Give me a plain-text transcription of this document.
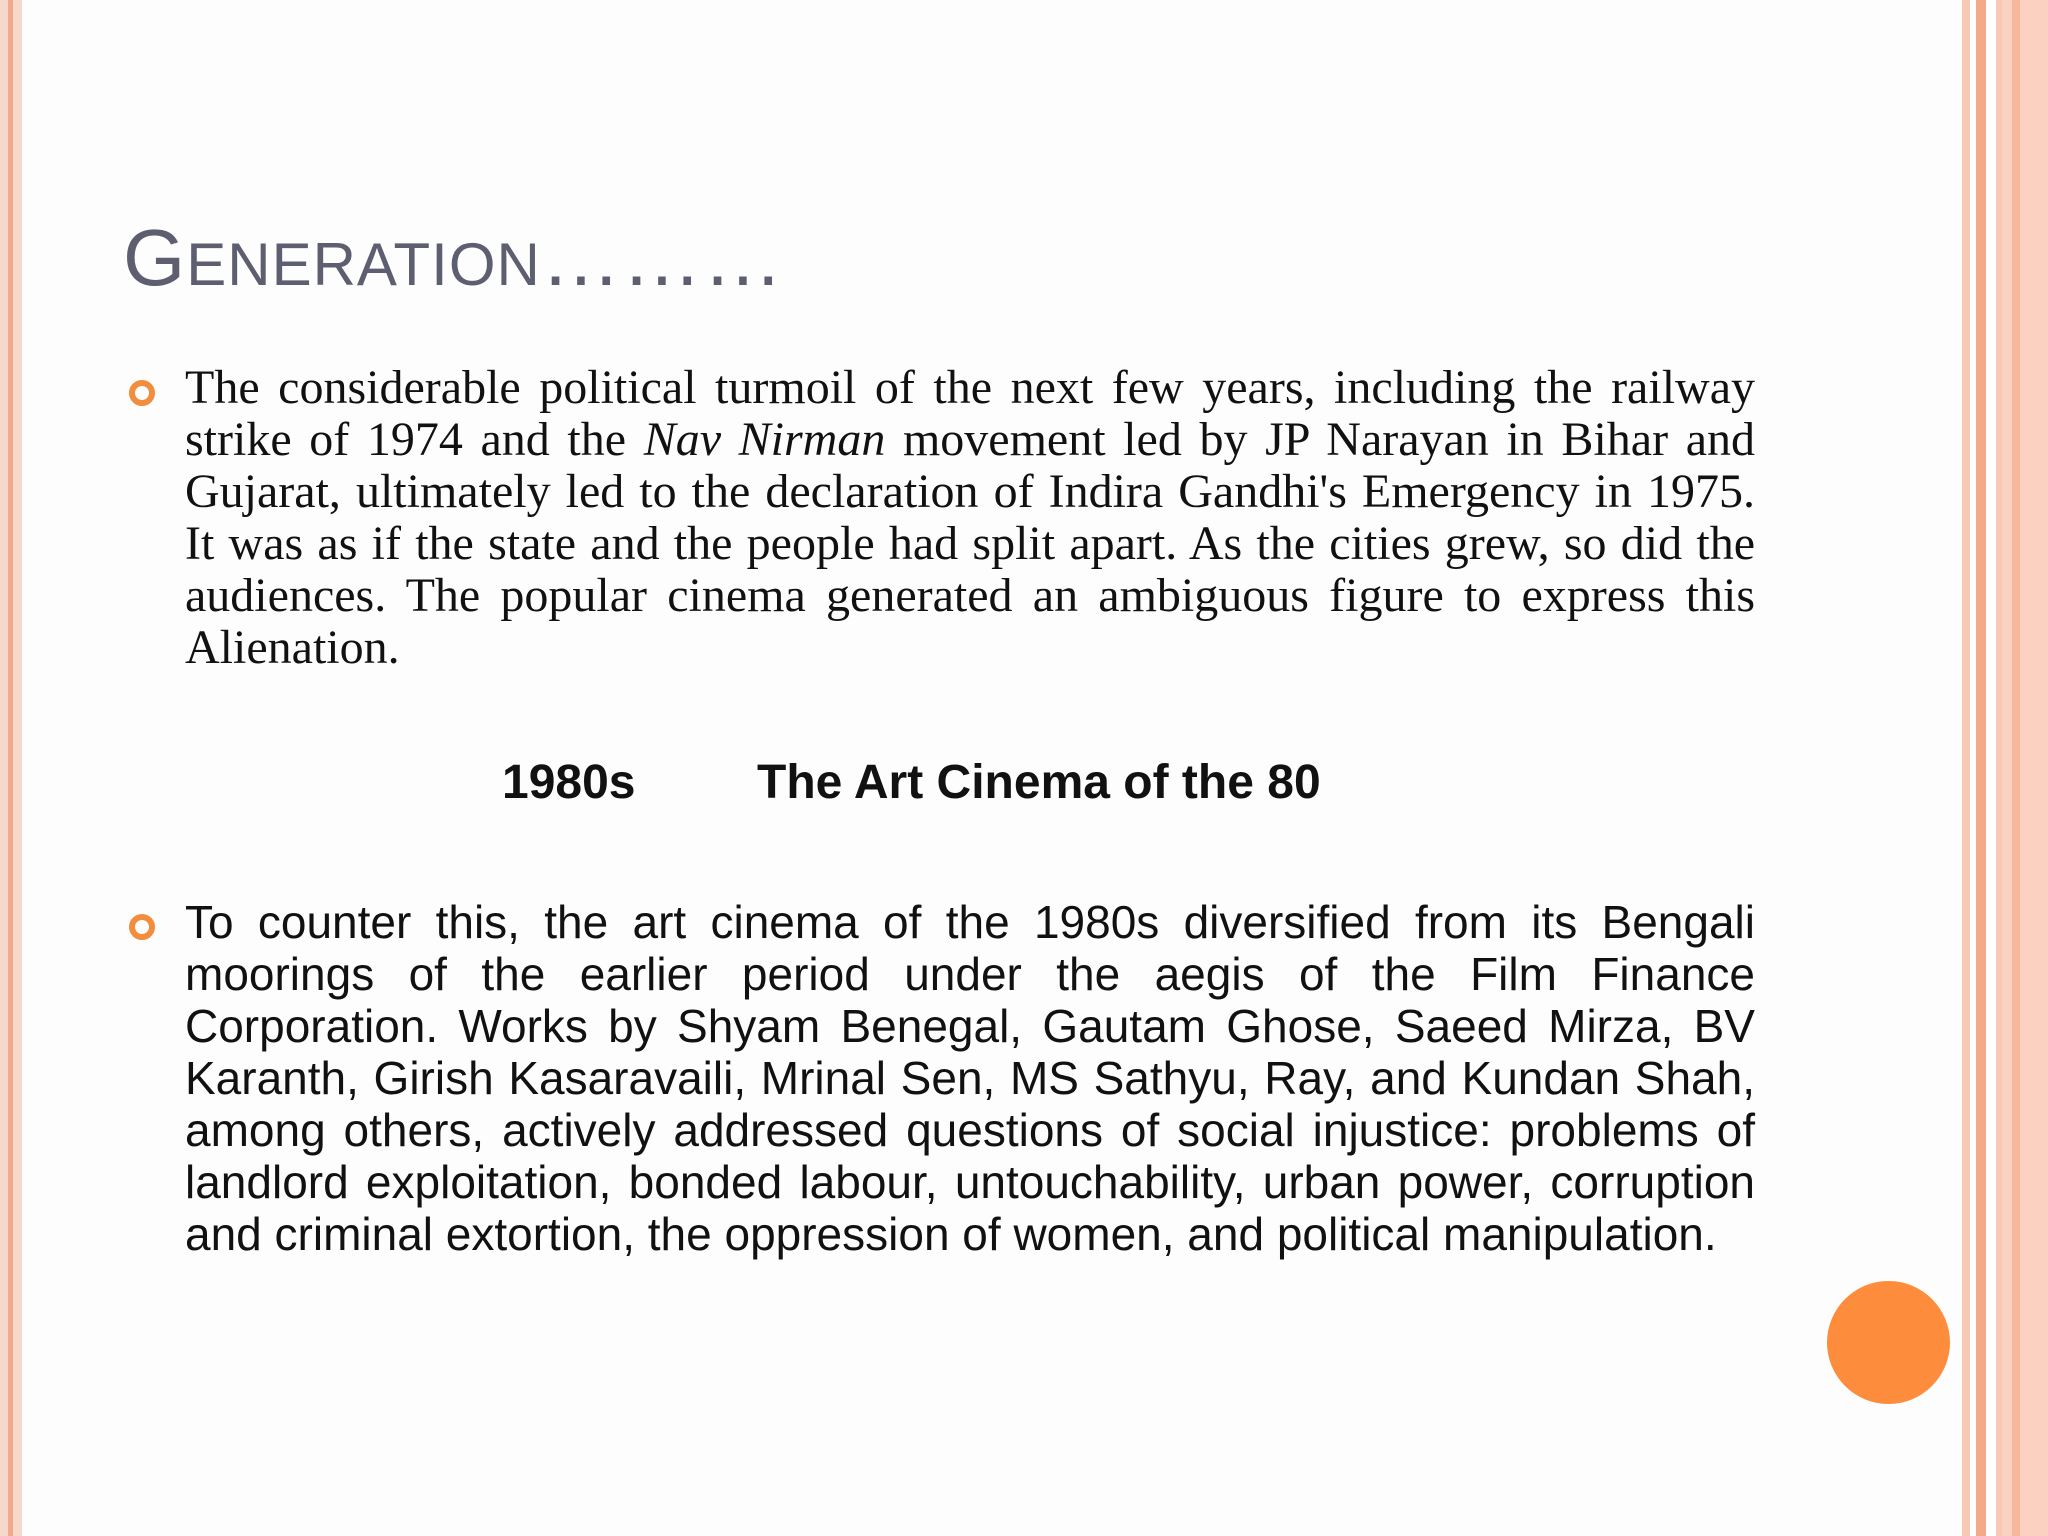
GENERATION………
The considerable political turmoil of the next few years, including the railway strike of 1974 and the Nav Nirman movement led by JP Narayan in Bihar and Gujarat, ultimately led to the declaration of Indira Gandhi's Emergency in 1975. It was as if the state and the people had split apart. As the cities grew, so did the audiences. The popular cinema generated an ambiguous figure to express this Alienation.
1980s	The Art Cinema of the 80
To counter this, the art cinema of the 1980s diversified from its Bengali moorings of the earlier period under the aegis of the Film Finance Corporation. Works by Shyam Benegal, Gautam Ghose, Saeed Mirza, BV Karanth, Girish Kasaravaili, Mrinal Sen, MS Sathyu, Ray, and Kundan Shah, among others, actively addressed questions of social injustice: problems of landlord exploitation, bonded labour, untouchability, urban power, corruption and criminal extortion, the oppression of women, and political manipulation.
